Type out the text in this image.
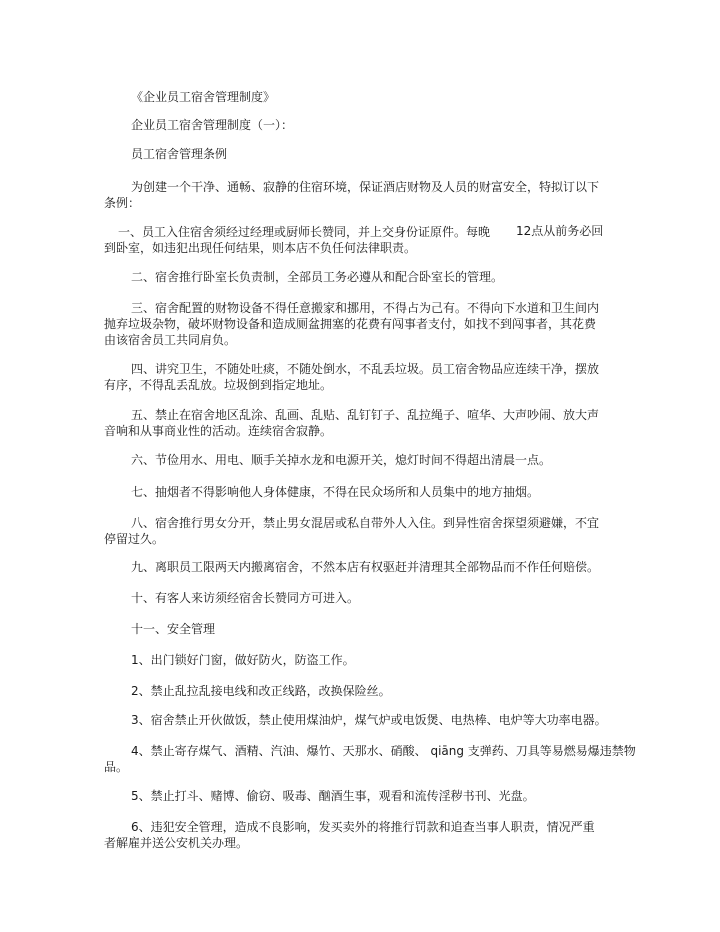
《企业员工宿舍管理制度》
企业员工宿舍管理制度（一）：
员工宿舍管理条例
为创建一个干净、通畅、寂静的住宿环境，保证酒店财物及人员的财富安全，特拟订以下
条例：
一、员工入住宿舍须经过经理或厨师长赞同，并上交身份证原件。每晚 12点从前务必回
到卧室，如违犯出现任何结果，则本店不负任何法律职责。
二、宿舍推行卧室长负责制，全部员工务必遵从和配合卧室长的管理。
三、宿舍配置的财物设备不得任意搬家和挪用，不得占为己有。不得向下水道和卫生间内
抛弃垃圾杂物，破坏财物设备和造成厕盆拥塞的花费有闯事者支付，如找不到闯事者，其花费
由该宿舍员工共同肩负。
四、讲究卫生，不随处吐痰，不随处倒水，不乱丢垃圾。员工宿舍物品应连续干净，摆放
有序，不得乱丢乱放。垃圾倒到指定地址。
五、禁止在宿舍地区乱涂、乱画、乱贴、乱钉钉子、乱拉绳子、喧华、大声吵闹、放大声
音响和从事商业性的活动。连续宿舍寂静。
六、节俭用水、用电、顺手关掉水龙和电源开关，熄灯时间不得超出清晨一点。
七、抽烟者不得影响他人身体健康，不得在民众场所和人员集中的地方抽烟。
八、宿舍推行男女分开，禁止男女混居或私自带外人入住。到异性宿舍探望须避嫌，不宜
停留过久。
九、离职员工限两天内搬离宿舍，不然本店有权驱赶并清理其全部物品而不作任何赔偿。
十、有客人来访须经宿舍长赞同方可进入。
十一、安全管理
1、出门锁好门窗，做好防火，防盗工作。
2、禁止乱拉乱接电线和改正线路，改换保险丝。
3、宿舍禁止开伙做饭，禁止使用煤油炉，煤气炉或电饭煲、电热棒、电炉等大功率电器。
4、禁止寄存煤气、酒精、汽油、爆竹、天那水、硝酸、 qiāng 支弹药、刀具等易燃易爆违禁物
品。
5、禁止打斗、赌博、偷窃、吸毒、酗酒生事，观看和流传淫秽书刊、光盘。
6、违犯安全管理，造成不良影响，发买卖外的将推行罚款和追查当事人职责，情况严重
者解雇并送公安机关办理。
